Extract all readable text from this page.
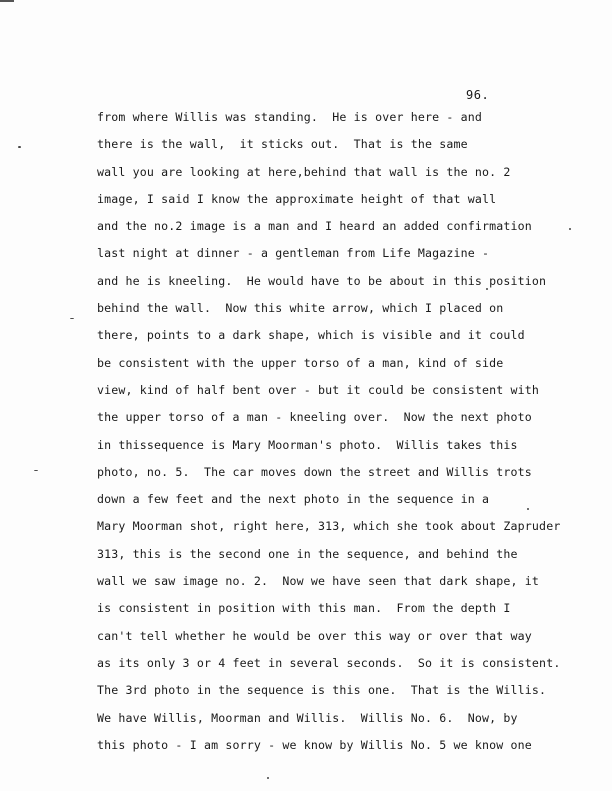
96.
from where Willis was standing.  He is over here - and
there is the wall,  it sticks out.  That is the same
wall you are looking at here,behind that wall is the no. 2
image, I said I know the approximate height of that wall
and the no.2 image is a man and I heard an added confirmation
last night at dinner - a gentleman from Life Magazine -
and he is kneeling.  He would have to be about in this position
behind the wall.  Now this white arrow, which I placed on
there, points to a dark shape, which is visible and it could
be consistent with the upper torso of a man, kind of side
view, kind of half bent over - but it could be consistent with
the upper torso of a man - kneeling over.  Now the next photo
in thissequence is Mary Moorman's photo.  Willis takes this
photo, no. 5.  The car moves down the street and Willis trots
down a few feet and the next photo in the sequence in a
Mary Moorman shot, right here, 313, which she took about Zapruder
313, this is the second one in the sequence, and behind the
wall we saw image no. 2.  Now we have seen that dark shape, it
is consistent in position with this man.  From the depth I
can't tell whether he would be over this way or over that way
as its only 3 or 4 feet in several seconds.  So it is consistent.
The 3rd photo in the sequence is this one.  That is the Willis.
We have Willis, Moorman and Willis.  Willis No. 6.  Now, by
this photo - I am sorry - we know by Willis No. 5 we know one
